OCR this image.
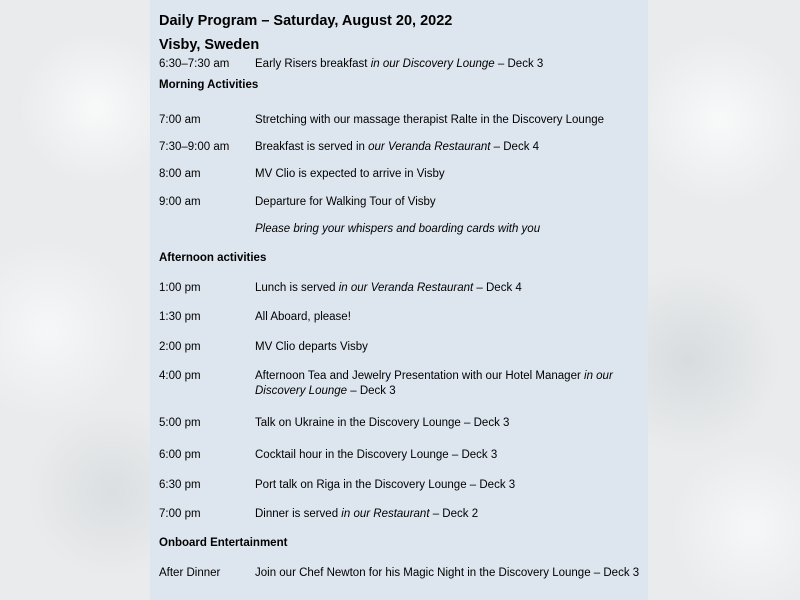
Daily Program – Saturday, August 20, 2022
Visby, Sweden
6:30–7:30 am Early Risers breakfast in our Discovery Lounge – Deck 3
Morning Activities
7:00 am	Stretching with our massage therapist Ralte in the Discovery Lounge
7:30–9:00 am Breakfast is served in our Veranda Restaurant – Deck 4
8:00 am	MV Clio is expected to arrive in Visby
9:00 am	Departure for Walking Tour of Visby
Please bring your whispers and boarding cards with you
Afternoon activities
1:00 pm	Lunch is served in our Veranda Restaurant – Deck 4
1:30 pm	All Aboard, please!
2:00 pm	MV Clio departs Visby
4:00 pm	Afternoon Tea and Jewelry Presentation with our Hotel Manager in our Discovery Lounge – Deck 3
5:00 pm	Talk on Ukraine in the Discovery Lounge – Deck 3
6:00 pm	Cocktail hour in the Discovery Lounge – Deck 3
6:30 pm	Port talk on Riga in the Discovery Lounge – Deck 3
7:00 pm	Dinner is served in our Restaurant – Deck 2
Onboard Entertainment
After Dinner	Join our Chef Newton for his Magic Night in the Discovery Lounge – Deck 3
